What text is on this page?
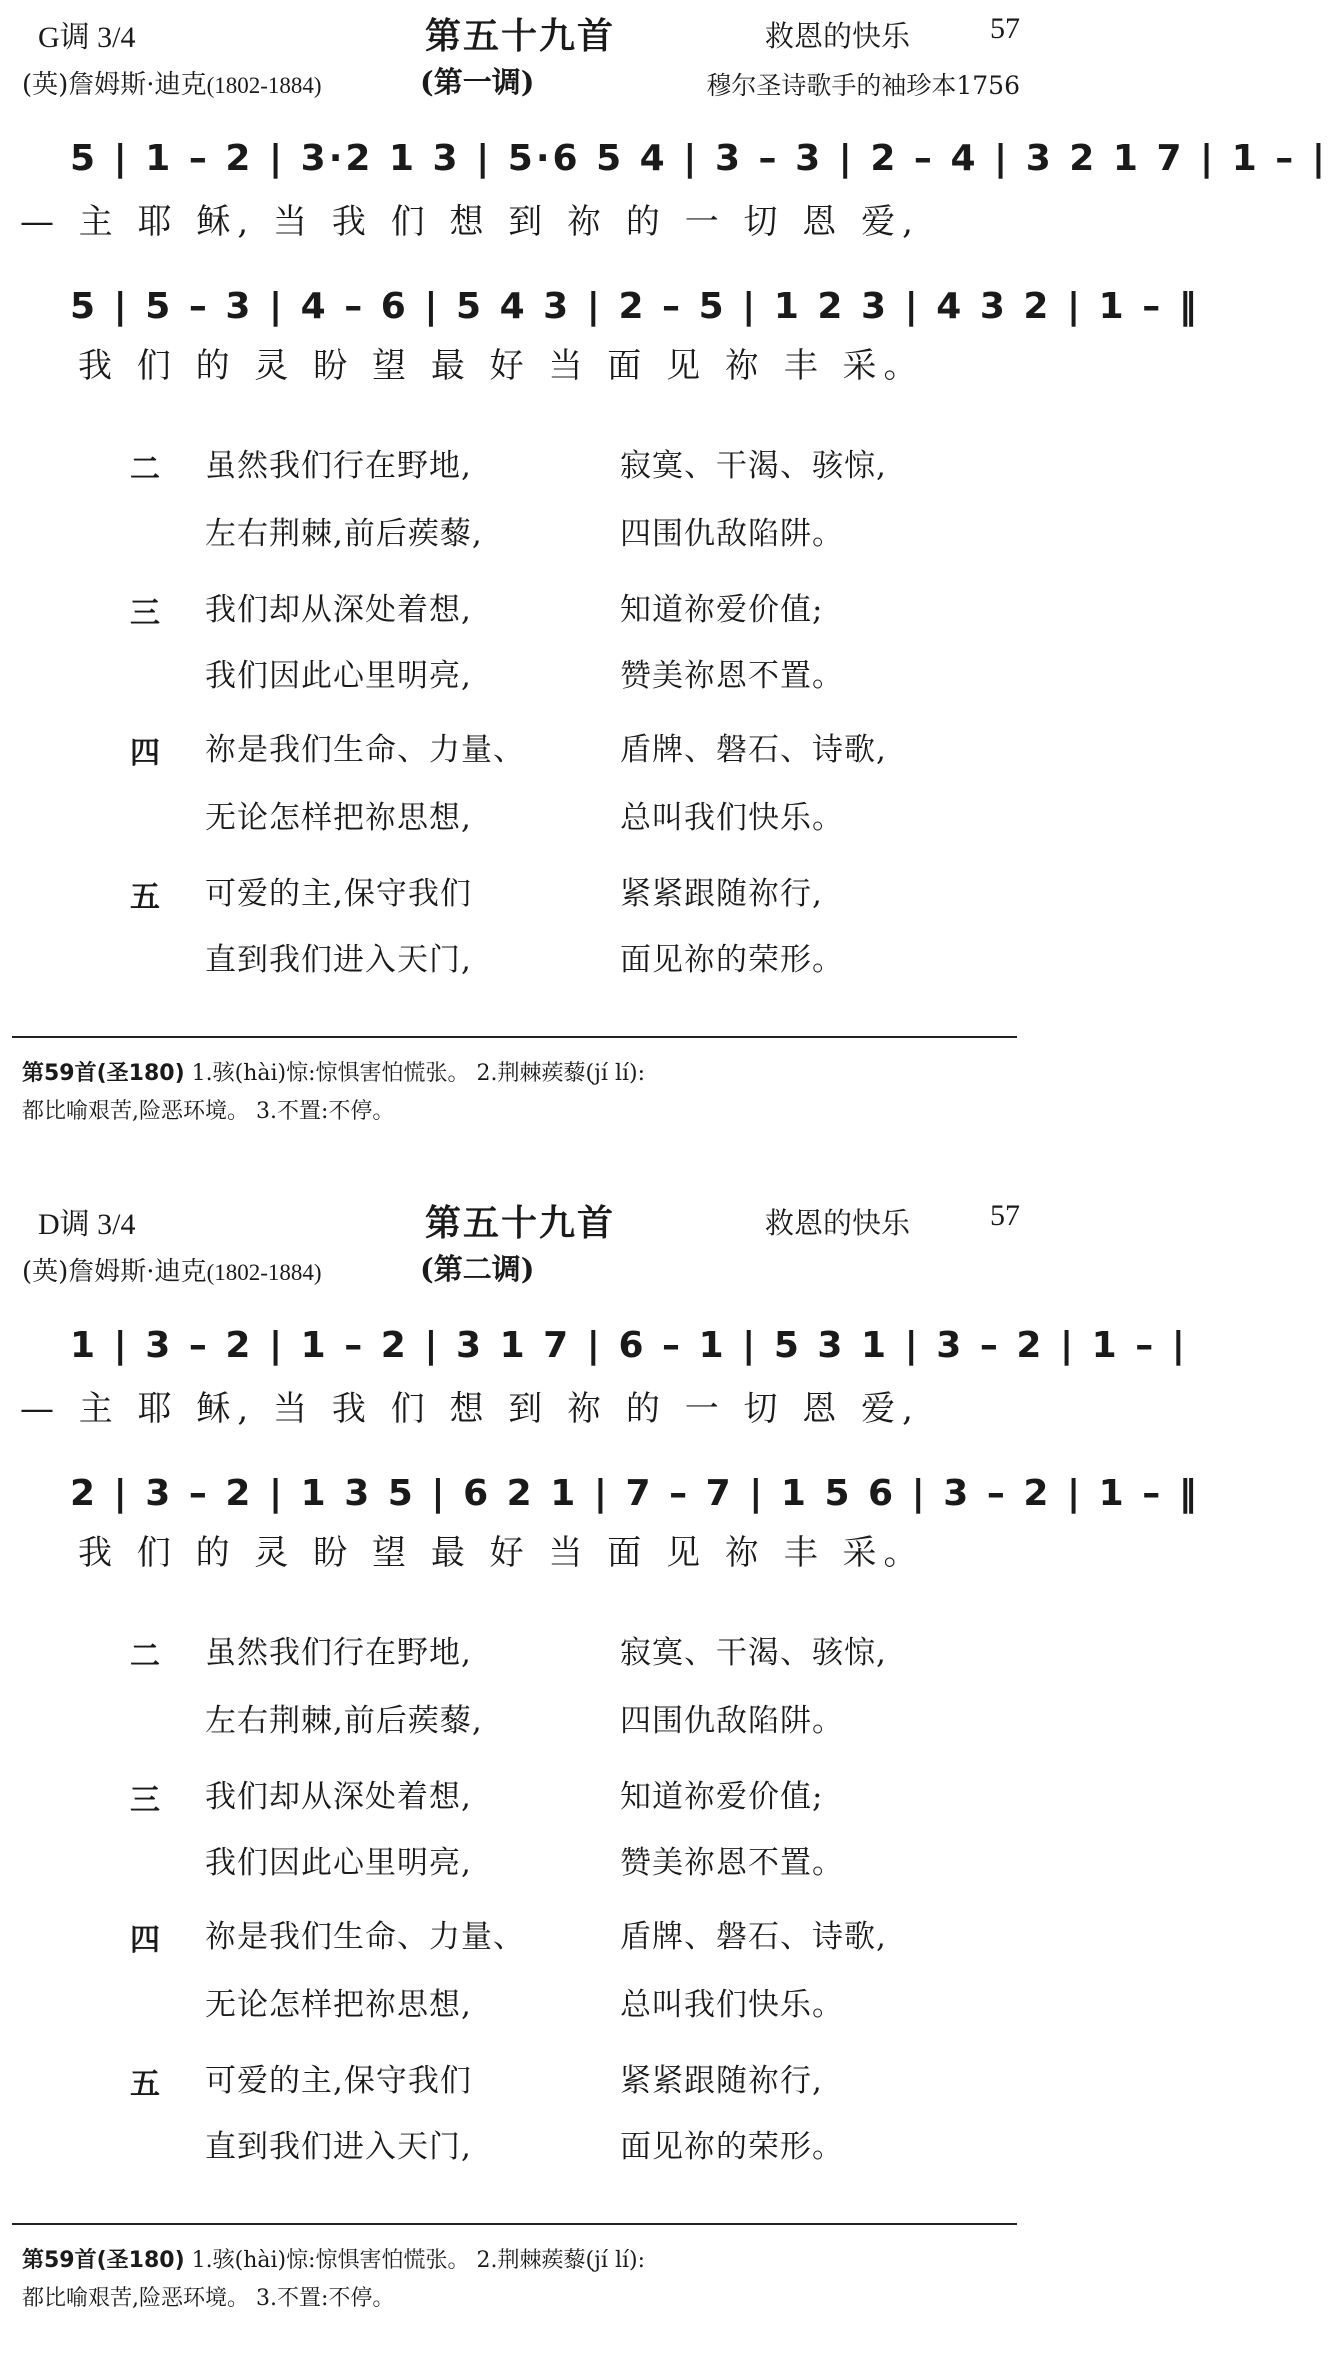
G调 3/4	第五十九首	救恩的快乐	57
(英)詹姆斯·迪克(1802-1884)	(第一调)	穆尔圣诗歌手的袖珍本1756
5 | 1 – 2 | 3·2 1 3 | 5·6 5 4 | 3 – 3 | 2 – 4 | 3 2 1 7 | 1 – |
— 主 耶 稣, 当 我 们 想 到 祢 的 一 切 恩 爱,
5 | 5 – 3 | 4 – 6 | 5 4 3 | 2 – 5 | 1 2 3 | 4 3 2 | 1 – ‖
我 们 的 灵 盼 望 最 好 当 面 见 祢 丰 采。
二 虽然我们行在野地,	寂寞、干渴、骇惊,
左右荆棘,前后蒺藜,	四围仇敌陷阱。
三 我们却从深处着想,	知道祢爱价值;
我们因此心里明亮,	赞美祢恩不置。
四 祢是我们生命、力量、	盾牌、磐石、诗歌,
无论怎样把祢思想,	总叫我们快乐。
五 可爱的主,保守我们	紧紧跟随祢行,
直到我们进入天门,	面见祢的荣形。
第59首(圣180) 1.骇(hài)惊:惊惧害怕慌张。 2.荆棘蒺藜(jí lí):
都比喻艰苦,险恶环境。 3.不置:不停。
D调 3/4	第五十九首	救恩的快乐	57
(英)詹姆斯·迪克(1802-1884)	(第二调)
1 | 3 – 2 | 1 – 2 | 3 1 7 | 6 – 1 | 5 3 1 | 3 – 2 | 1 – |
— 主 耶 稣, 当 我 们 想 到 祢 的 一 切 恩 爱,
2 | 3 – 2 | 1 3 5 | 6 2 1 | 7 – 7 | 1 5 6 | 3 – 2 | 1 – ‖
我 们 的 灵 盼 望 最 好 当 面 见 祢 丰 采。
二 虽然我们行在野地,	寂寞、干渴、骇惊,
左右荆棘,前后蒺藜,	四围仇敌陷阱。
三 我们却从深处着想,	知道祢爱价值;
我们因此心里明亮,	赞美祢恩不置。
四 祢是我们生命、力量、	盾牌、磐石、诗歌,
无论怎样把祢思想,	总叫我们快乐。
五 可爱的主,保守我们	紧紧跟随祢行,
直到我们进入天门,	面见祢的荣形。
第59首(圣180) 1.骇(hài)惊:惊惧害怕慌张。 2.荆棘蒺藜(jí lí):
都比喻艰苦,险恶环境。 3.不置:不停。
